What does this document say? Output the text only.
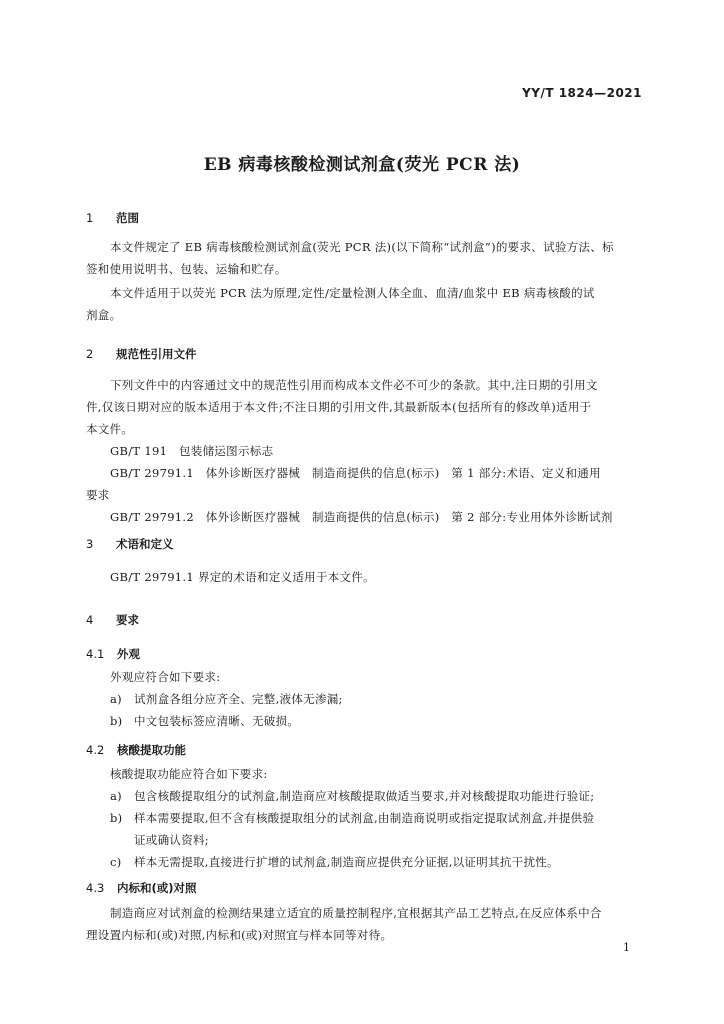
YY/T 1824—2021
EB 病毒核酸检测试剂盒(荧光 PCR 法)
1 范围
本文件规定了 EB 病毒核酸检测试剂盒(荧光 PCR 法)(以下简称“试剂盒”)的要求、试验方法、标
签和使用说明书、包装、运输和贮存。
本文件适用于以荧光 PCR 法为原理,定性/定量检测人体全血、血清/血浆中 EB 病毒核酸的试
剂盒。
2 规范性引用文件
下列文件中的内容通过文中的规范性引用而构成本文件必不可少的条款。其中,注日期的引用文
件,仅该日期对应的版本适用于本文件;不注日期的引用文件,其最新版本(包括所有的修改单)适用于
本文件。
GB/T 191　包装储运图示标志
GB/T 29791.1　体外诊断医疗器械　制造商提供的信息(标示)　第 1 部分:术语、定义和通用
要求
GB/T 29791.2　体外诊断医疗器械　制造商提供的信息(标示)　第 2 部分:专业用体外诊断试剂
3 术语和定义
GB/T 29791.1 界定的术语和定义适用于本文件。
4 要求
4.1 外观
外观应符合如下要求:
a) 试剂盒各组分应齐全、完整,液体无渗漏;
b) 中文包装标签应清晰、无破损。
4.2 核酸提取功能
核酸提取功能应符合如下要求:
a) 包含核酸提取组分的试剂盒,制造商应对核酸提取做适当要求,并对核酸提取功能进行验证;
b) 样本需要提取,但不含有核酸提取组分的试剂盒,由制造商说明或指定提取试剂盒,并提供验
证或确认资料;
c) 样本无需提取,直接进行扩增的试剂盒,制造商应提供充分证据,以证明其抗干扰性。
4.3 内标和(或)对照
制造商应对试剂盒的检测结果建立适宜的质量控制程序,宜根据其产品工艺特点,在反应体系中合
理设置内标和(或)对照,内标和(或)对照宜与样本同等对待。
1
